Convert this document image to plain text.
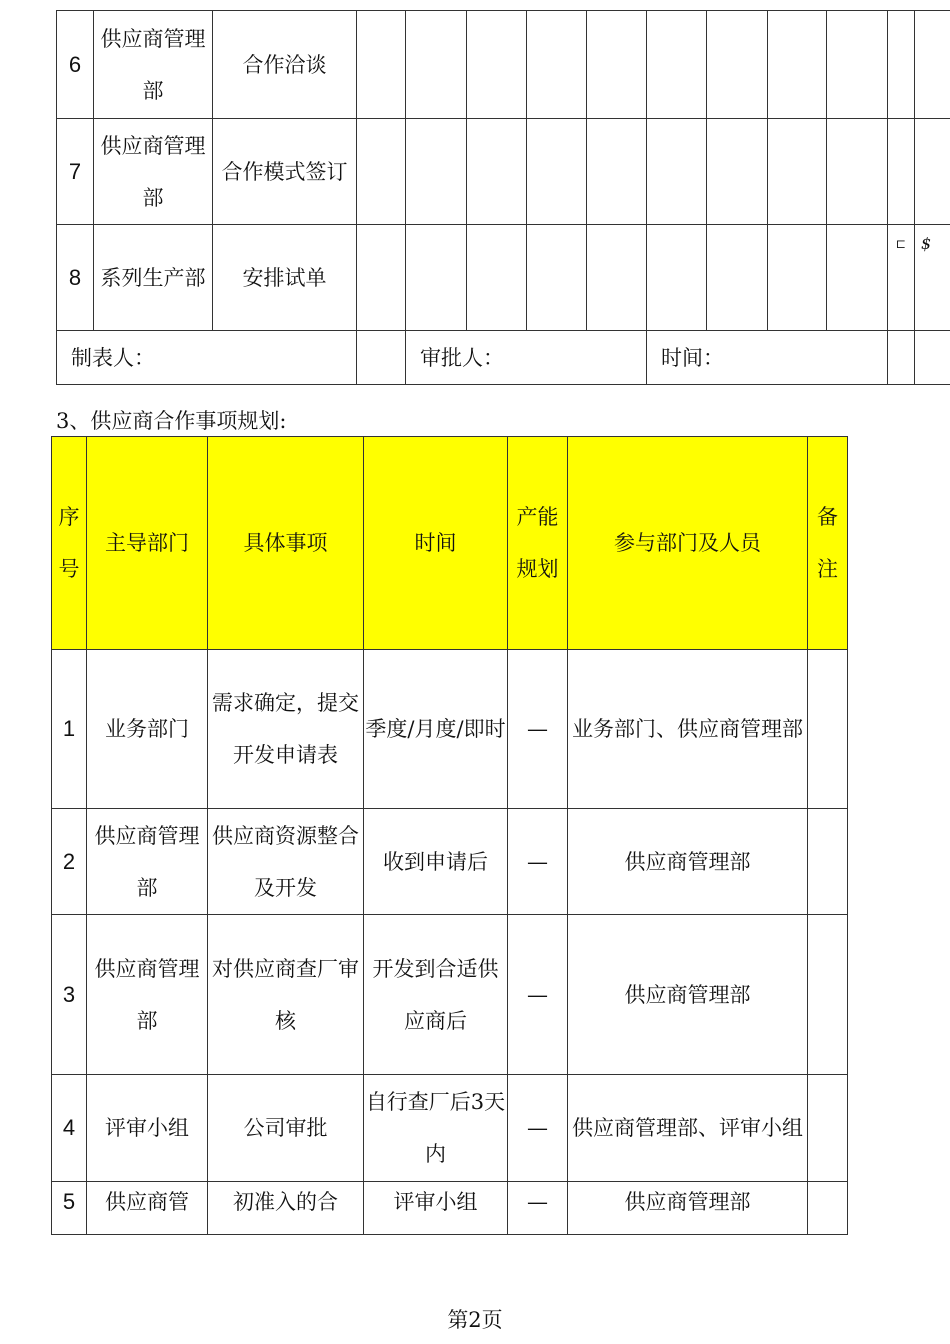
6	供应商管理部	合作洽谈											
7	供应商管理部	合作模式签订											
8	系列生产部	安排试单										⊏	$
制表人：				审批人：				时间：					
3、供应商合作事项规划:
序号	主导部门	具体事项	时间	产能规划	参与部门及人员	备注
1	业务部门	需求确定，提交开发申请表	季度/月度/即时	—	业务部门、供应商管理部	
2	供应商管理部	供应商资源整合及开发	收到申请后	—	供应商管理部	
3	供应商管理部	对供应商查厂审核	开发到合适供应商后	—	供应商管理部	
4	评审小组	公司审批	自行查厂后3天内	—	供应商管理部、评审小组	
5	供应商管	初准入的合	评审小组	—	供应商管理部	
第2页
